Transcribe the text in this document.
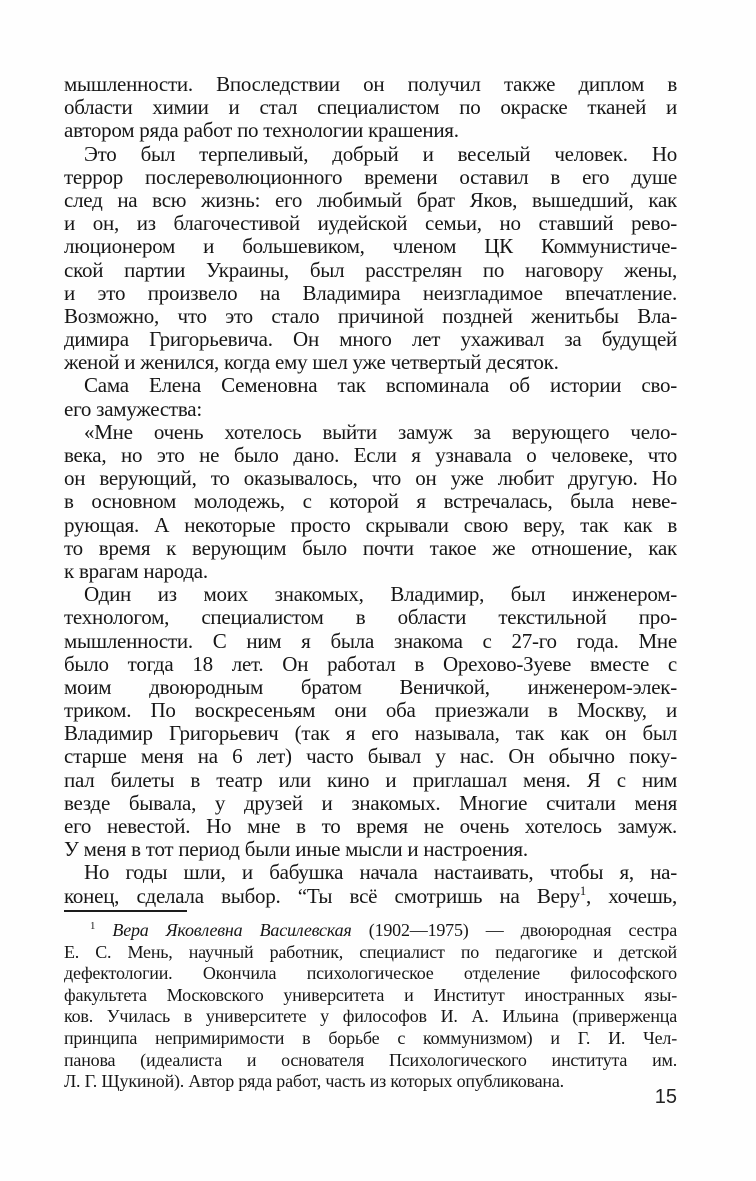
мышленности. Впоследствии он получил также диплом в
области химии и стал специалистом по окраске тканей и
автором ряда работ по технологии крашения.
Это был терпеливый, добрый и веселый человек. Но
террор послереволюционного времени оставил в его душе
след на всю жизнь: его любимый брат Яков, вышедший, как
и он, из благочестивой иудейской семьи, но ставший рево-
люционером и большевиком, членом ЦК Коммунистиче-
ской партии Украины, был расстрелян по наговору жены,
и это произвело на Владимира неизгладимое впечатление.
Возможно, что это стало причиной поздней женитьбы Вла-
димира Григорьевича. Он много лет ухаживал за будущей
женой и женился, когда ему шел уже четвертый десяток.
Сама Елена Семеновна так вспоминала об истории сво-
его замужества:
«Мне очень хотелось выйти замуж за верующего чело-
века, но это не было дано. Если я узнавала о человеке, что
он верующий, то оказывалось, что он уже любит другую. Но
в основном молодежь, с которой я встречалась, была неве-
рующая. А некоторые просто скрывали свою веру, так как в
то время к верующим было почти такое же отношение, как
к врагам народа.
Один из моих знакомых, Владимир, был инженером-
технологом, специалистом в области текстильной про-
мышленности. С ним я была знакома с 27-го года. Мне
было тогда 18 лет. Он работал в Орехово-Зуеве вместе с
моим двоюродным братом Веничкой, инженером-элек-
триком. По воскресеньям они оба приезжали в Москву, и
Владимир Григорьевич (так я его называла, так как он был
старше меня на 6 лет) часто бывал у нас. Он обычно поку-
пал билеты в театр или кино и приглашал меня. Я с ним
везде бывала, у друзей и знакомых. Многие считали меня
его невестой. Но мне в то время не очень хотелось замуж.
У меня в тот период были иные мысли и настроения.
Но годы шли, и бабушка начала настаивать, чтобы я, на-
конец, сделала выбор. “Ты всё смотришь на Веру$^1$, хочешь,
$^1$ Вера Яковлевна Василевская (1902—1975) — двоюродная сестра
Е. С. Мень, научный работник, специалист по педагогике и детской
дефектологии. Окончила психологическое отделение философского
факультета Московского университета и Институт иностранных язы-
ков. Училась в университете у философов И. А. Ильина (приверженца
принципа непримиримости в борьбе с коммунизмом) и Г. И. Чел-
панова (идеалиста и основателя Психологического института им.
Л. Г. Щукиной). Автор ряда работ, часть из которых опубликована.
15
